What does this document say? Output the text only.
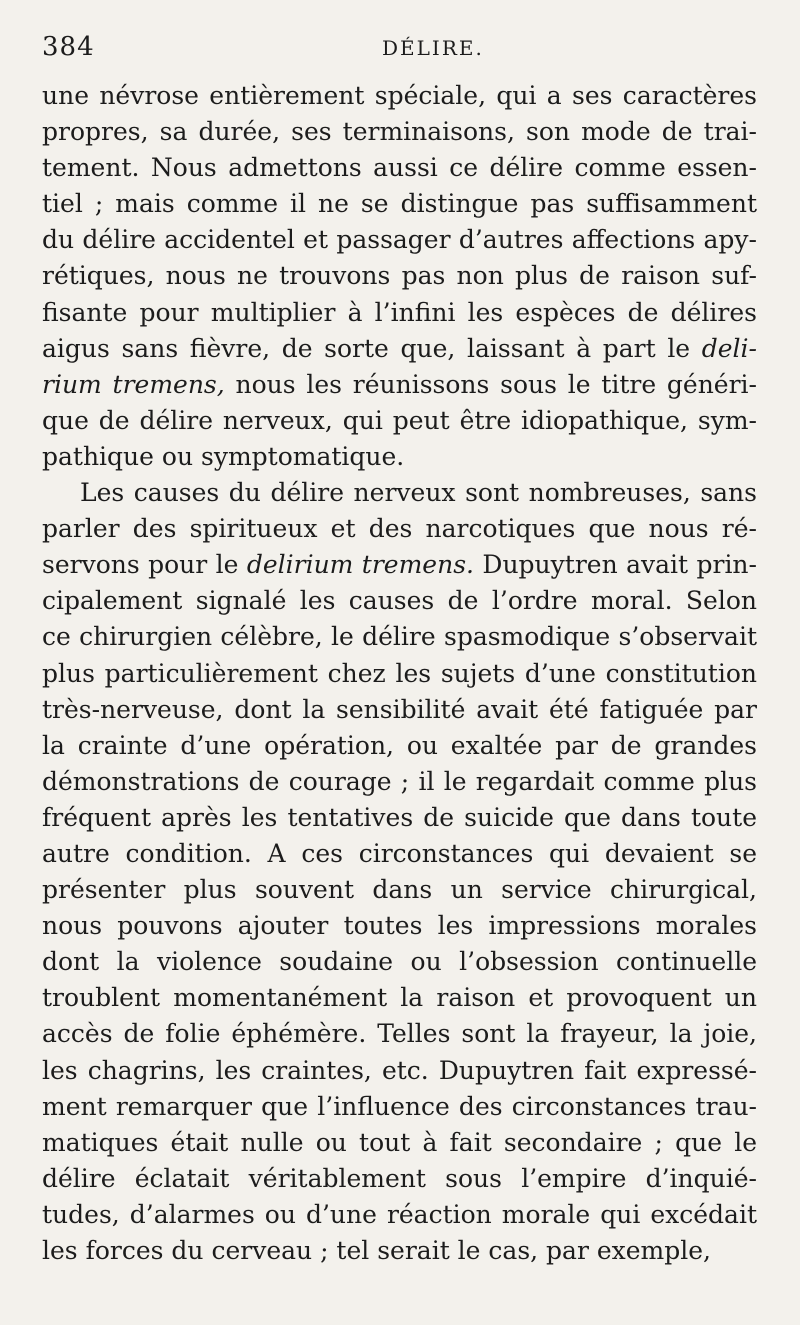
384	DÉLIRE.
une névrose entièrement spéciale, qui a ses caractères
propres, sa durée, ses terminaisons, son mode de trai-
tement. Nous admettons aussi ce délire comme essen-
tiel ; mais comme il ne se distingue pas suffisamment
du délire accidentel et passager d’autres affections apy-
rétiques, nous ne trouvons pas non plus de raison suf-
fisante pour multiplier à l’infini les espèces de délires
aigus sans fièvre, de sorte que, laissant à part le deli-
rium tremens, nous les réunissons sous le titre généri-
que de délire nerveux, qui peut être idiopathique, sym-
pathique ou symptomatique.
Les causes du délire nerveux sont nombreuses, sans
parler des spiritueux et des narcotiques que nous ré-
servons pour le delirium tremens. Dupuytren avait prin-
cipalement signalé les causes de l’ordre moral. Selon
ce chirurgien célèbre, le délire spasmodique s’observait
plus particulièrement chez les sujets d’une constitution
très-nerveuse, dont la sensibilité avait été fatiguée par
la crainte d’une opération, ou exaltée par de grandes
démonstrations de courage ; il le regardait comme plus
fréquent après les tentatives de suicide que dans toute
autre condition. A ces circonstances qui devaient se
présenter plus souvent dans un service chirurgical,
nous pouvons ajouter toutes les impressions morales
dont la violence soudaine ou l’obsession continuelle
troublent momentanément la raison et provoquent un
accès de folie éphémère. Telles sont la frayeur, la joie,
les chagrins, les craintes, etc. Dupuytren fait expressé-
ment remarquer que l’influence des circonstances trau-
matiques était nulle ou tout à fait secondaire ; que le
délire éclatait véritablement sous l’empire d’inquié-
tudes, d’alarmes ou d’une réaction morale qui excédait
les forces du cerveau ; tel serait le cas, par exemple,
